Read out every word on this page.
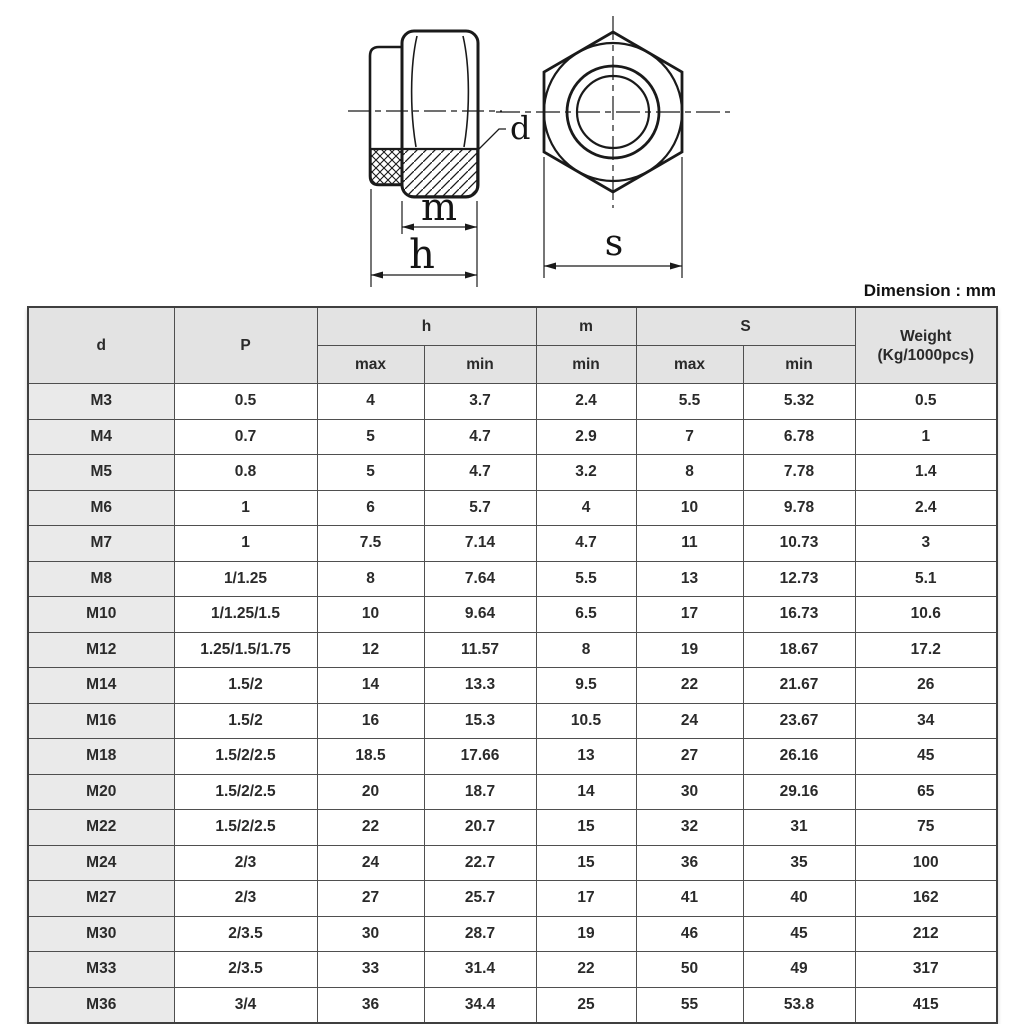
d
m
h	s
Dimension : mm
d	P	h		m	S		Weight
(Kg/1000pcs)

		max	min	min	max	min	
M3	0.5	4	3.7	2.4	5.5	5.32	0.5
M4	0.7	5	4.7	2.9	7	6.78	1
M5	0.8	5	4.7	3.2	8	7.78	1.4
M6	1	6	5.7	4	10	9.78	2.4
M7	1	7.5	7.14	4.7	11	10.73	3
M8	1/1.25	8	7.64	5.5	13	12.73	5.1
M10	1/1.25/1.5	10	9.64	6.5	17	16.73	10.6
M12	1.25/1.5/1.75	12	11.57	8	19	18.67	17.2
M14	1.5/2	14	13.3	9.5	22	21.67	26
M16	1.5/2	16	15.3	10.5	24	23.67	34
M18	1.5/2/2.5	18.5	17.66	13	27	26.16	45
M20	1.5/2/2.5	20	18.7	14	30	29.16	65
M22	1.5/2/2.5	22	20.7	15	32	31	75
M24	2/3	24	22.7	15	36	35	100
M27	2/3	27	25.7	17	41	40	162
M30	2/3.5	30	28.7	19	46	45	212
M33	2/3.5	33	31.4	22	50	49	317
M36	3/4	36	34.4	25	55	53.8	415
